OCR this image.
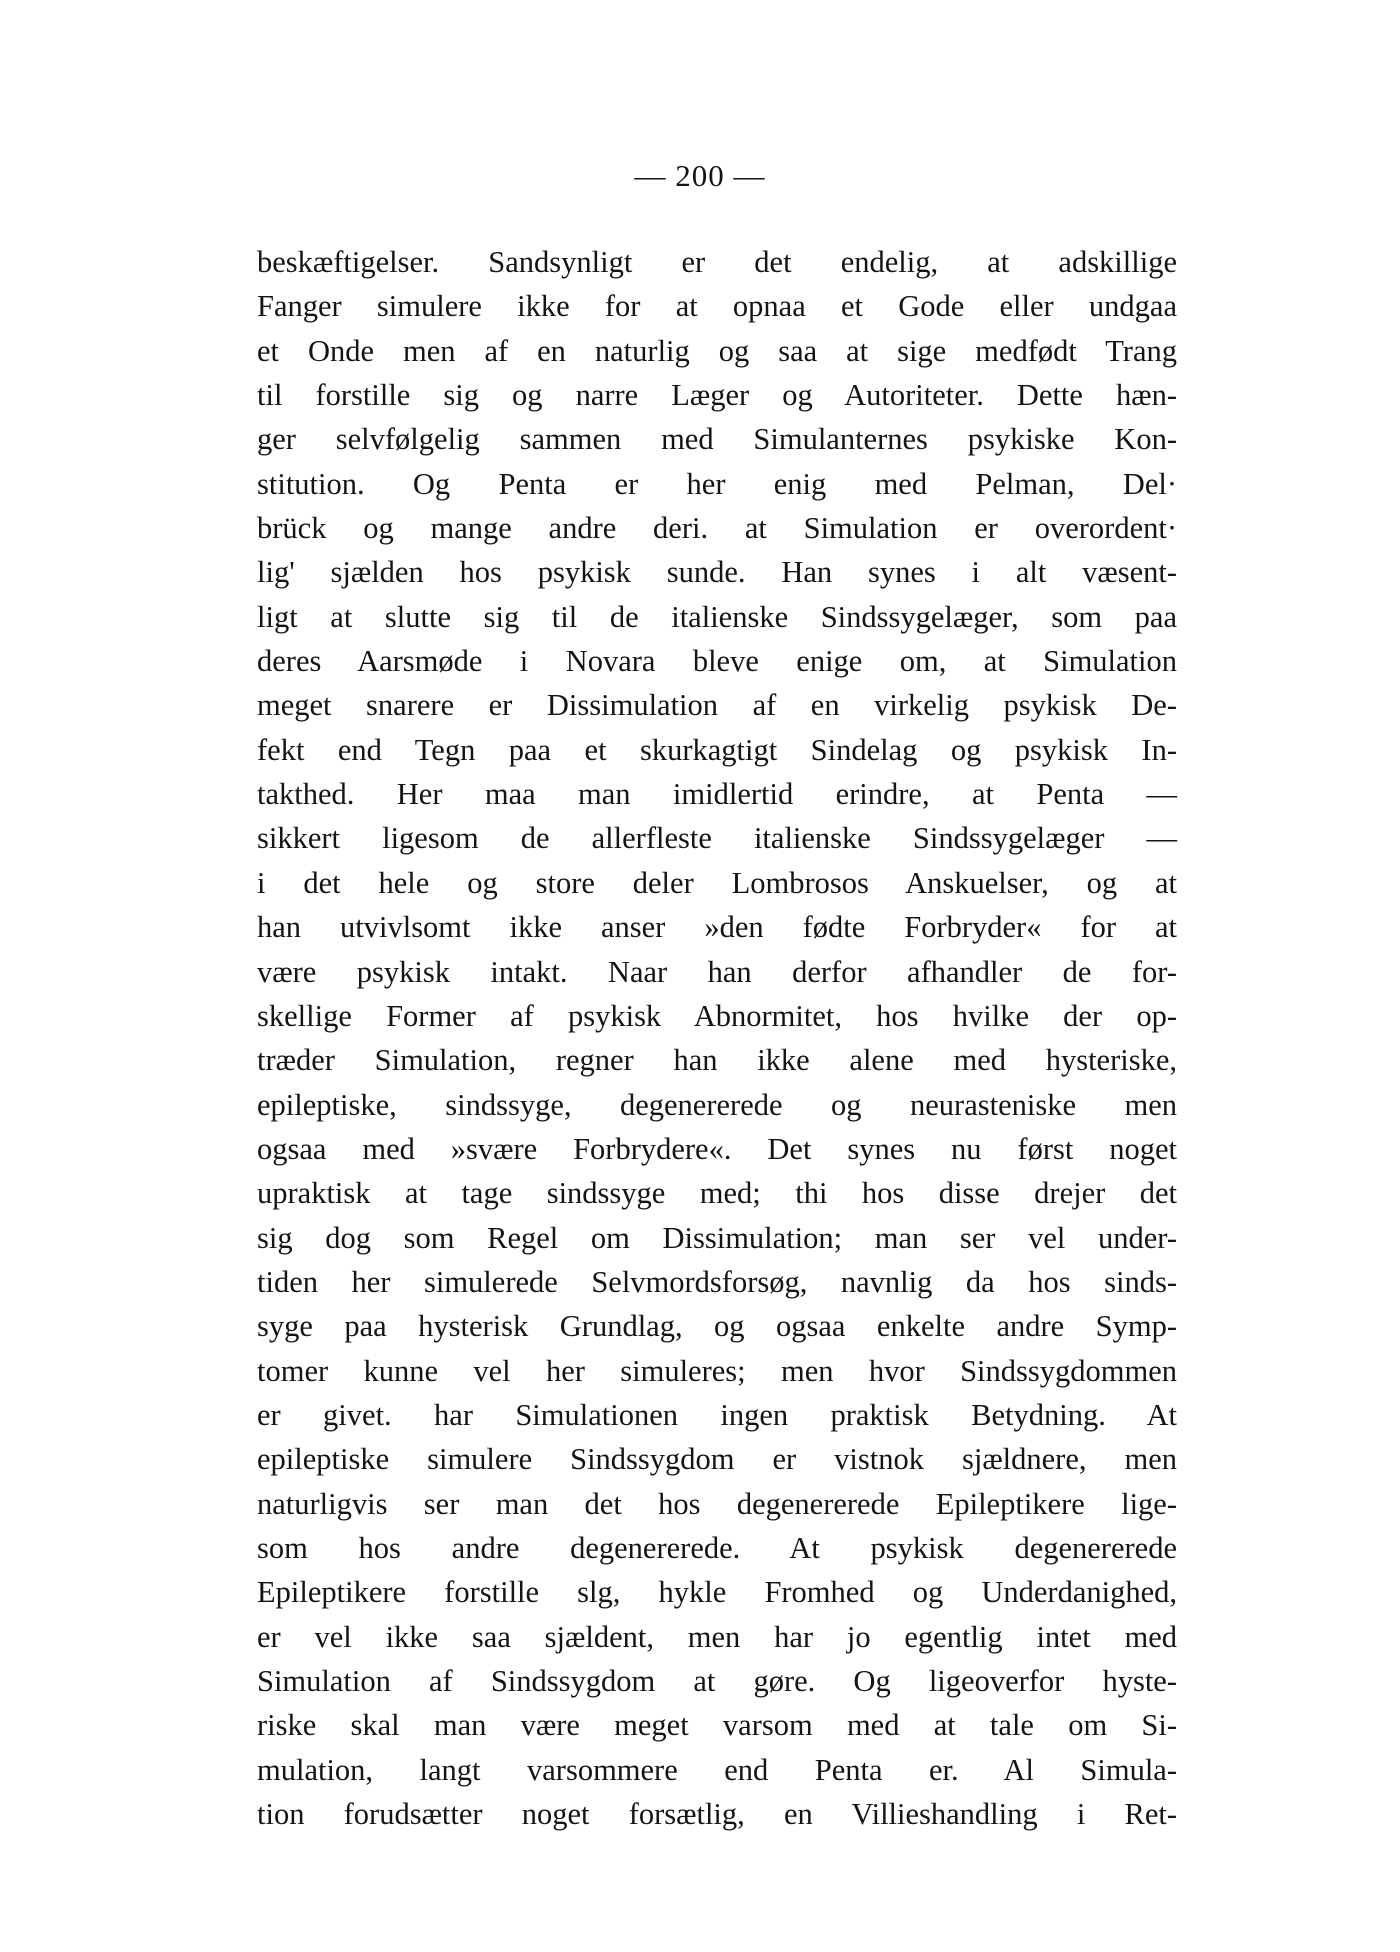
— 200 —
beskæftigelser. Sandsynligt er det endelig, at adskillige
Fanger simulere ikke for at opnaa et Gode eller undgaa
et Onde men af en naturlig og saa at sige medfødt Trang
til forstille sig og narre Læger og Autoriteter. Dette hæn-
ger selvfølgelig sammen med Simulanternes psykiske Kon-
stitution. Og Penta er her enig med Pelman, Del·
brück og mange andre deri. at Simulation er overordent·
lig' sjælden hos psykisk sunde. Han synes i alt væsent-
ligt at slutte sig til de italienske Sindssygelæger, som paa
deres Aarsmøde i Novara bleve enige om, at Simulation
meget snarere er Dissimulation af en virkelig psykisk De-
fekt end Tegn paa et skurkagtigt Sindelag og psykisk In-
takthed. Her maa man imidlertid erindre, at Penta —
sikkert ligesom de allerfleste italienske Sindssygelæger —
i det hele og store deler Lombrosos Anskuelser, og at
han utvivlsomt ikke anser »den fødte Forbryder« for at
være psykisk intakt. Naar han derfor afhandler de for-
skellige Former af psykisk Abnormitet, hos hvilke der op-
træder Simulation, regner han ikke alene med hysteriske,
epileptiske, sindssyge, degenererede og neurasteniske men
ogsaa med »svære Forbrydere«. Det synes nu først noget
upraktisk at tage sindssyge med; thi hos disse drejer det
sig dog som Regel om Dissimulation; man ser vel under-
tiden her simulerede Selvmordsforsøg, navnlig da hos sinds-
syge paa hysterisk Grundlag, og ogsaa enkelte andre Symp-
tomer kunne vel her simuleres; men hvor Sindssygdommen
er givet. har Simulationen ingen praktisk Betydning. At
epileptiske simulere Sindssygdom er vistnok sjældnere, men
naturligvis ser man det hos degenererede Epileptikere lige-
som hos andre degenererede. At psykisk degenererede
Epileptikere forstille slg, hykle Fromhed og Underdanighed,
er vel ikke saa sjældent, men har jo egentlig intet med
Simulation af Sindssygdom at gøre. Og ligeoverfor hyste-
riske skal man være meget varsom med at tale om Si-
mulation, langt varsommere end Penta er. Al Simula-
tion forudsætter noget forsætlig, en Villieshandling i Ret-
